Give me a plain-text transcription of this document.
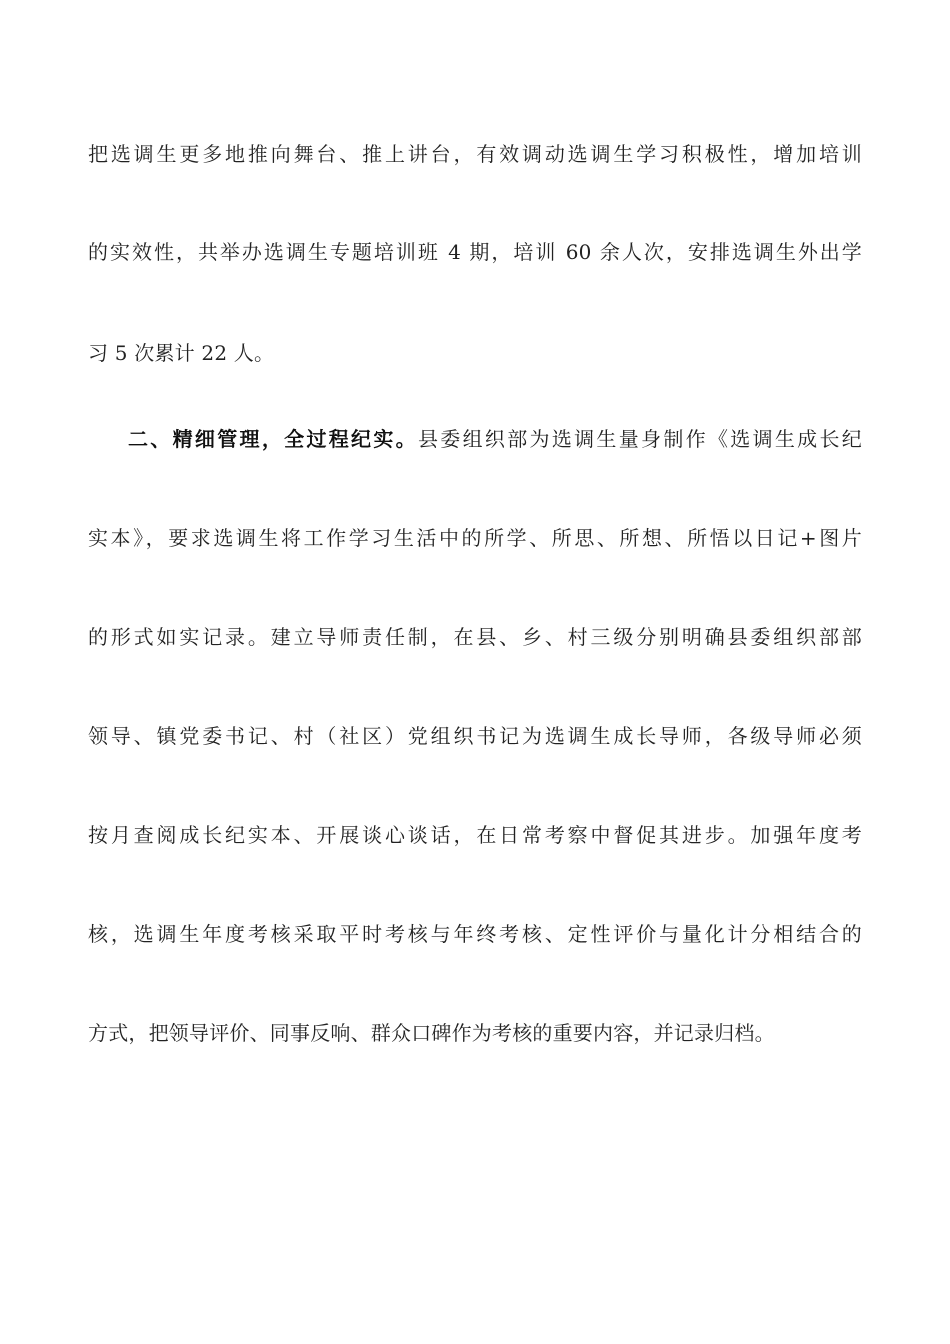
把选调生更多地推向舞台、推上讲台，有效调动选调生学习积极性，增加培训
的实效性，共举办选调生专题培训班 4 期，培训 60 余人次，安排选调生外出学
习 5 次累计 22 人。
二、精细管理，全过程纪实。县委组织部为选调生量身制作《选调生成长纪
实本》，要求选调生将工作学习生活中的所学、所思、所想、所悟以日记+图片
的形式如实记录。建立导师责任制，在县、乡、村三级分别明确县委组织部部
领导、镇党委书记、村（社区）党组织书记为选调生成长导师，各级导师必须
按月查阅成长纪实本、开展谈心谈话，在日常考察中督促其进步。加强年度考
核，选调生年度考核采取平时考核与年终考核、定性评价与量化计分相结合的
方式，把领导评价、同事反响、群众口碑作为考核的重要内容，并记录归档。
